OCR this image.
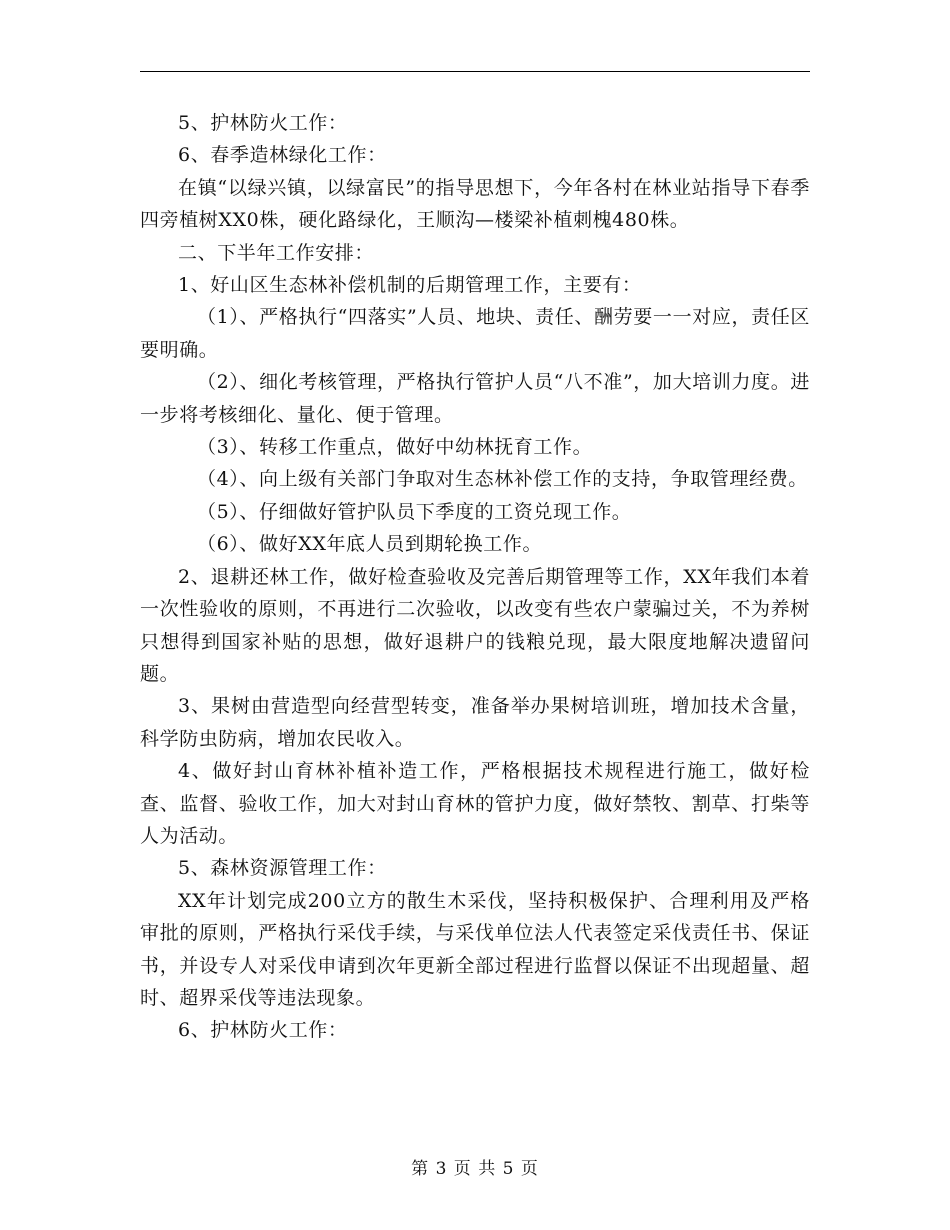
5、护林防火工作：

6、春季造林绿化工作：

在镇“以绿兴镇，以绿富民”的指导思想下，今年各村在林业站指导下春季四旁植树XX0株，硬化路绿化，王顺沟—楼梁补植刺槐480株。

二、下半年工作安排：

1、好山区生态林补偿机制的后期管理工作，主要有：

（1）、严格执行“四落实”人员、地块、责任、酬劳要一一对应，责任区要明确。

（2）、细化考核管理，严格执行管护人员“八不准”，加大培训力度。进一步将考核细化、量化、便于管理。

（3）、转移工作重点，做好中幼林抚育工作。

（4）、向上级有关部门争取对生态林补偿工作的支持，争取管理经费。

（5）、仔细做好管护队员下季度的工资兑现工作。

（6）、做好XX年底人员到期轮换工作。

2、退耕还林工作，做好检查验收及完善后期管理等工作，XX年我们本着一次性验收的原则，不再进行二次验收，以改变有些农户蒙骗过关，不为养树只想得到国家补贴的思想，做好退耕户的钱粮兑现，最大限度地解决遗留问题。

3、果树由营造型向经营型转变，准备举办果树培训班，增加技术含量，科学防虫防病，增加农民收入。

4、做好封山育林补植补造工作，严格根据技术规程进行施工，做好检查、监督、验收工作，加大对封山育林的管护力度，做好禁牧、割草、打柴等人为活动。

5、森林资源管理工作：

XX年计划完成200立方的散生木采伐，坚持积极保护、合理利用及严格审批的原则，严格执行采伐手续，与采伐单位法人代表签定采伐责任书、保证书，并设专人对采伐申请到次年更新全部过程进行监督以保证不出现超量、超时、超界采伐等违法现象。

6、护林防火工作：

第 3 页 共 5 页
